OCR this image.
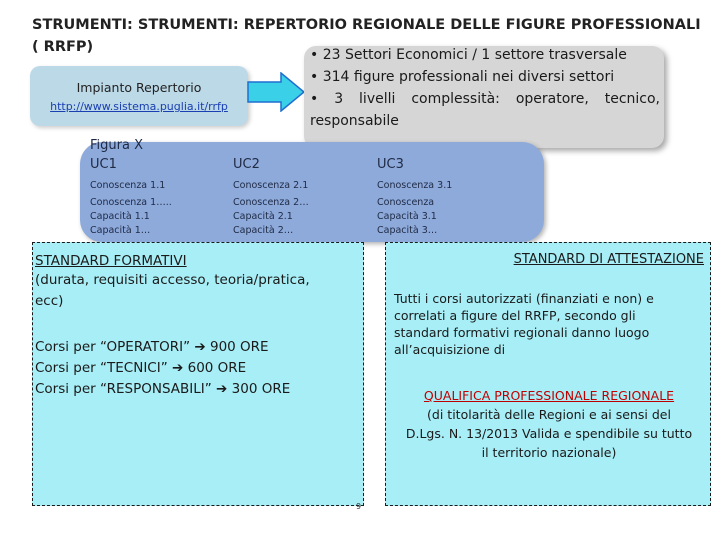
STRUMENTI: STRUMENTI: REPERTORIO REGIONALE DELLE FIGURE PROFESSIONALI
( RRFP)
Impianto Repertorio
http://www.sistema.puglia.it/rrfp
• 23 Settori Economici / 1 settore trasversale
• 314 figure professionali nei diversi settori
• 3 livelli complessità: operatore, tecnico,
responsabile
Figura X
UC1
Conoscenza 1.1
Conoscenza 1…..
Capacità 1.1
Capacità 1…
UC2
Conoscenza 2.1
Conoscenza 2…
Capacità 2.1
Capacità 2…
UC3
Conoscenza 3.1
Conoscenza
Capacità 3.1
Capacità 3…
STANDARD FORMATIVI
(durata, requisiti accesso, teoria/pratica,
ecc)
Corsi per “OPERATORI” ➔ 900 ORE
Corsi per “TECNICI” ➔ 600 ORE
Corsi per “RESPONSABILI” ➔ 300 ORE
STANDARD DI ATTESTAZIONE
Tutti i corsi autorizzati (finanziati e non) e
correlati a figure del RRFP, secondo gli
standard formativi regionali danno luogo
all’acquisizione di
QUALIFICA PROFESSIONALE REGIONALE
(di titolarità delle Regioni e ai sensi del
D.Lgs. N. 13/2013 Valida e spendibile su tutto
il territorio nazionale)
9
